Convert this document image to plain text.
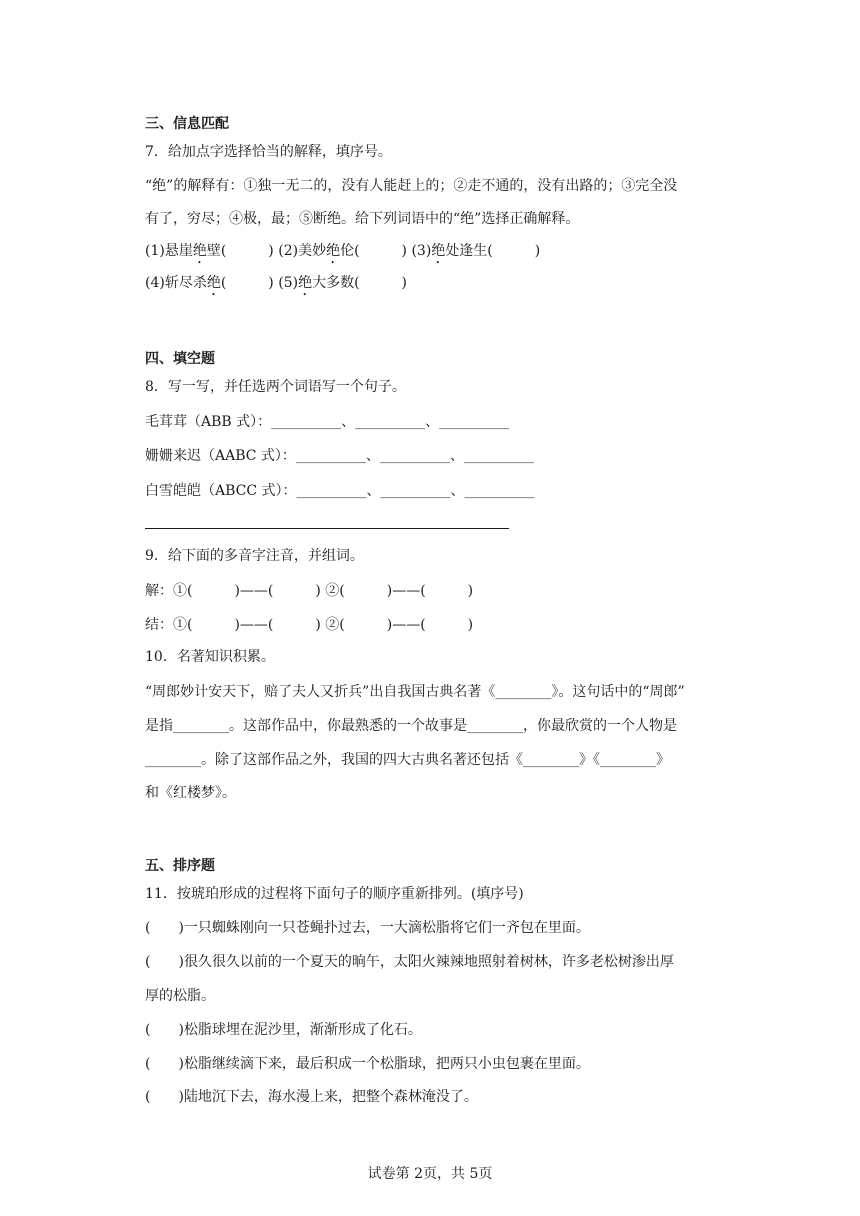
三、信息匹配
7．给加点字选择恰当的解释，填序号。
“绝”的解释有：①独一无二的，没有人能赶上的；②走不通的，没有出路的；③完全没
有了，穷尽；④极，最；⑤断绝。给下列词语中的“绝”选择正确解释。
(1)悬崖绝壁(　　　) (2)美妙绝伦(　　　) (3)绝处逢生(　　　)
(4)斩尽杀绝(　　　) (5)绝大多数(　　　)
四、填空题
8．写一写，并任选两个词语写一个句子。
毛茸茸（ABB 式）：__________、__________、__________
姗姗来迟（AABC 式）：__________、__________、__________
白雪皑皑（ABCC 式）：__________、__________、__________
9．给下面的多音字注音，并组词。
解：①(　　　)——(　　　) ②(　　　)——(　　　)
结：①(　　　)——(　　　) ②(　　　)——(　　　)
10．名著知识积累。
“周郎妙计安天下，赔了夫人又折兵”出自我国古典名著《________》。这句话中的“周郎”
是指________。这部作品中，你最熟悉的一个故事是________，你最欣赏的一个人物是
________。除了这部作品之外，我国的四大古典名著还包括《________》《________》
和《红楼梦》。
五、排序题
11．按琥珀形成的过程将下面句子的顺序重新排列。(填序号)
(　　)一只蜘蛛刚向一只苍蝇扑过去，一大滴松脂将它们一齐包在里面。
(　　)很久很久以前的一个夏天的晌午，太阳火辣辣地照射着树林，许多老松树渗出厚
厚的松脂。
(　　)松脂球埋在泥沙里，渐渐形成了化石。
(　　)松脂继续滴下来，最后积成一个松脂球，把两只小虫包裹在里面。
(　　)陆地沉下去，海水漫上来，把整个森林淹没了。
试卷第 2页，共 5页
